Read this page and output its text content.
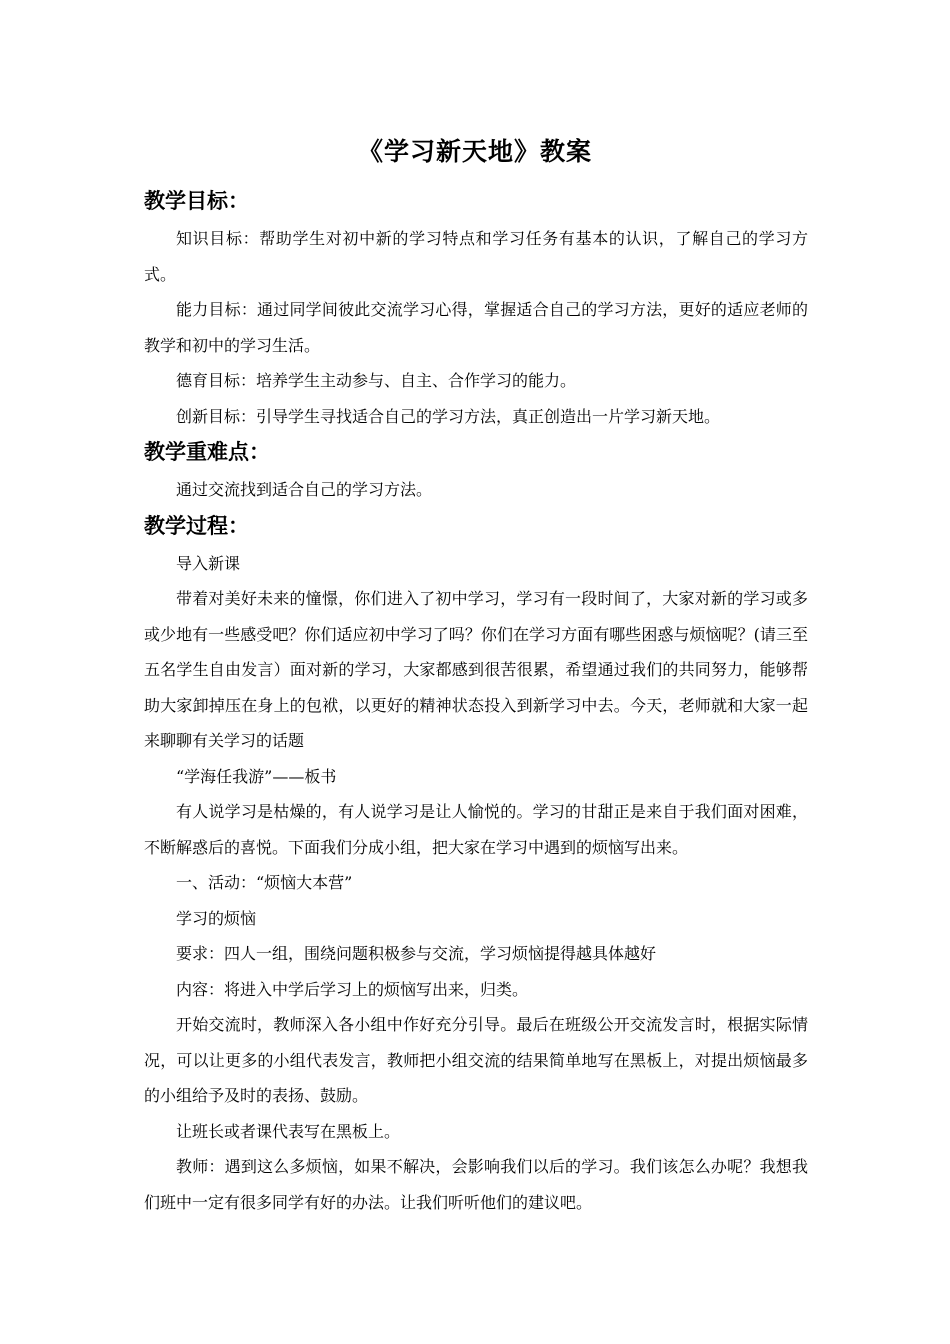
《学习新天地》教案

教学目标：

知识目标：帮助学生对初中新的学习特点和学习任务有基本的认识，了解自己的学习方式。

能力目标：通过同学间彼此交流学习心得，掌握适合自己的学习方法，更好的适应老师的教学和初中的学习生活。

德育目标：培养学生主动参与、自主、合作学习的能力。

创新目标：引导学生寻找适合自己的学习方法，真正创造出一片学习新天地。

教学重难点：

通过交流找到适合自己的学习方法。

教学过程：

导入新课

带着对美好未来的憧憬，你们进入了初中学习，学习有一段时间了，大家对新的学习或多或少地有一些感受吧？你们适应初中学习了吗？你们在学习方面有哪些困惑与烦恼呢？(请三至五名学生自由发言）面对新的学习，大家都感到很苦很累，希望通过我们的共同努力，能够帮助大家卸掉压在身上的包袱，以更好的精神状态投入到新学习中去。今天，老师就和大家一起来聊聊有关学习的话题

“学海任我游”——板书

有人说学习是枯燥的，有人说学习是让人愉悦的。学习的甘甜正是来自于我们面对困难，不断解惑后的喜悦。下面我们分成小组，把大家在学习中遇到的烦恼写出来。

一、活动：“烦恼大本营”

学习的烦恼

要求：四人一组，围绕问题积极参与交流，学习烦恼提得越具体越好

内容：将进入中学后学习上的烦恼写出来，归类。

开始交流时，教师深入各小组中作好充分引导。最后在班级公开交流发言时，根据实际情况，可以让更多的小组代表发言，教师把小组交流的结果简单地写在黑板上，对提出烦恼最多的小组给予及时的表扬、鼓励。

让班长或者课代表写在黑板上。

教师：遇到这么多烦恼，如果不解决，会影响我们以后的学习。我们该怎么办呢？我想我们班中一定有很多同学有好的办法。让我们听听他们的建议吧。
